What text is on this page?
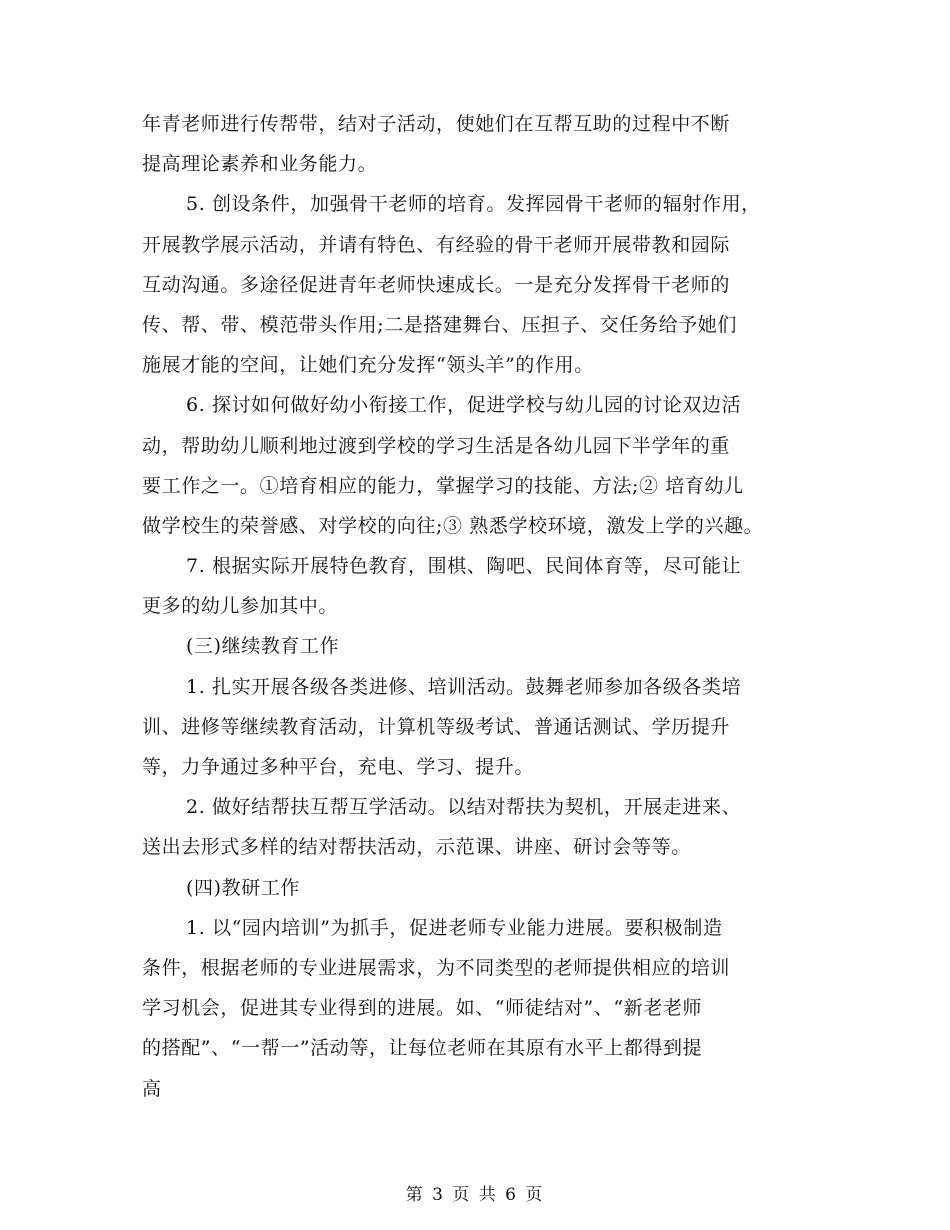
年青老师进行传帮带，结对子活动，使她们在互帮互助的过程中不断
提高理论素养和业务能力。
5. 创设条件，加强骨干老师的培育。发挥园骨干老师的辐射作用，
开展教学展示活动，并请有特色、有经验的骨干老师开展带教和园际
互动沟通。多途径促进青年老师快速成长。一是充分发挥骨干老师的
传、帮、带、模范带头作用;二是搭建舞台、压担子、交任务给予她们
施展才能的空间，让她们充分发挥“领头羊”的作用。
6. 探讨如何做好幼小衔接工作，促进学校与幼儿园的讨论双边活
动，帮助幼儿顺利地过渡到学校的学习生活是各幼儿园下半学年的重
要工作之一。①培育相应的能力，掌握学习的技能、方法;② 培育幼儿
做学校生的荣誉感、对学校的向往;③ 熟悉学校环境，激发上学的兴趣。
7. 根据实际开展特色教育，围棋、陶吧、民间体育等，尽可能让
更多的幼儿参加其中。
(三)继续教育工作
1. 扎实开展各级各类进修、培训活动。鼓舞老师参加各级各类培
训、进修等继续教育活动，计算机等级考试、普通话测试、学历提升
等，力争通过多种平台，充电、学习、提升。
2. 做好结帮扶互帮互学活动。以结对帮扶为契机，开展走进来、
送出去形式多样的结对帮扶活动，示范课、讲座、研讨会等等。
(四)教研工作
1. 以“园内培训”为抓手，促进老师专业能力进展。要积极制造
条件，根据老师的专业进展需求，为不同类型的老师提供相应的培训
学习机会，促进其专业得到的进展。如、“师徒结对”、“新老老师
的搭配”、“一帮一”活动等，让每位老师在其原有水平上都得到提
高
第 3 页 共 6 页
